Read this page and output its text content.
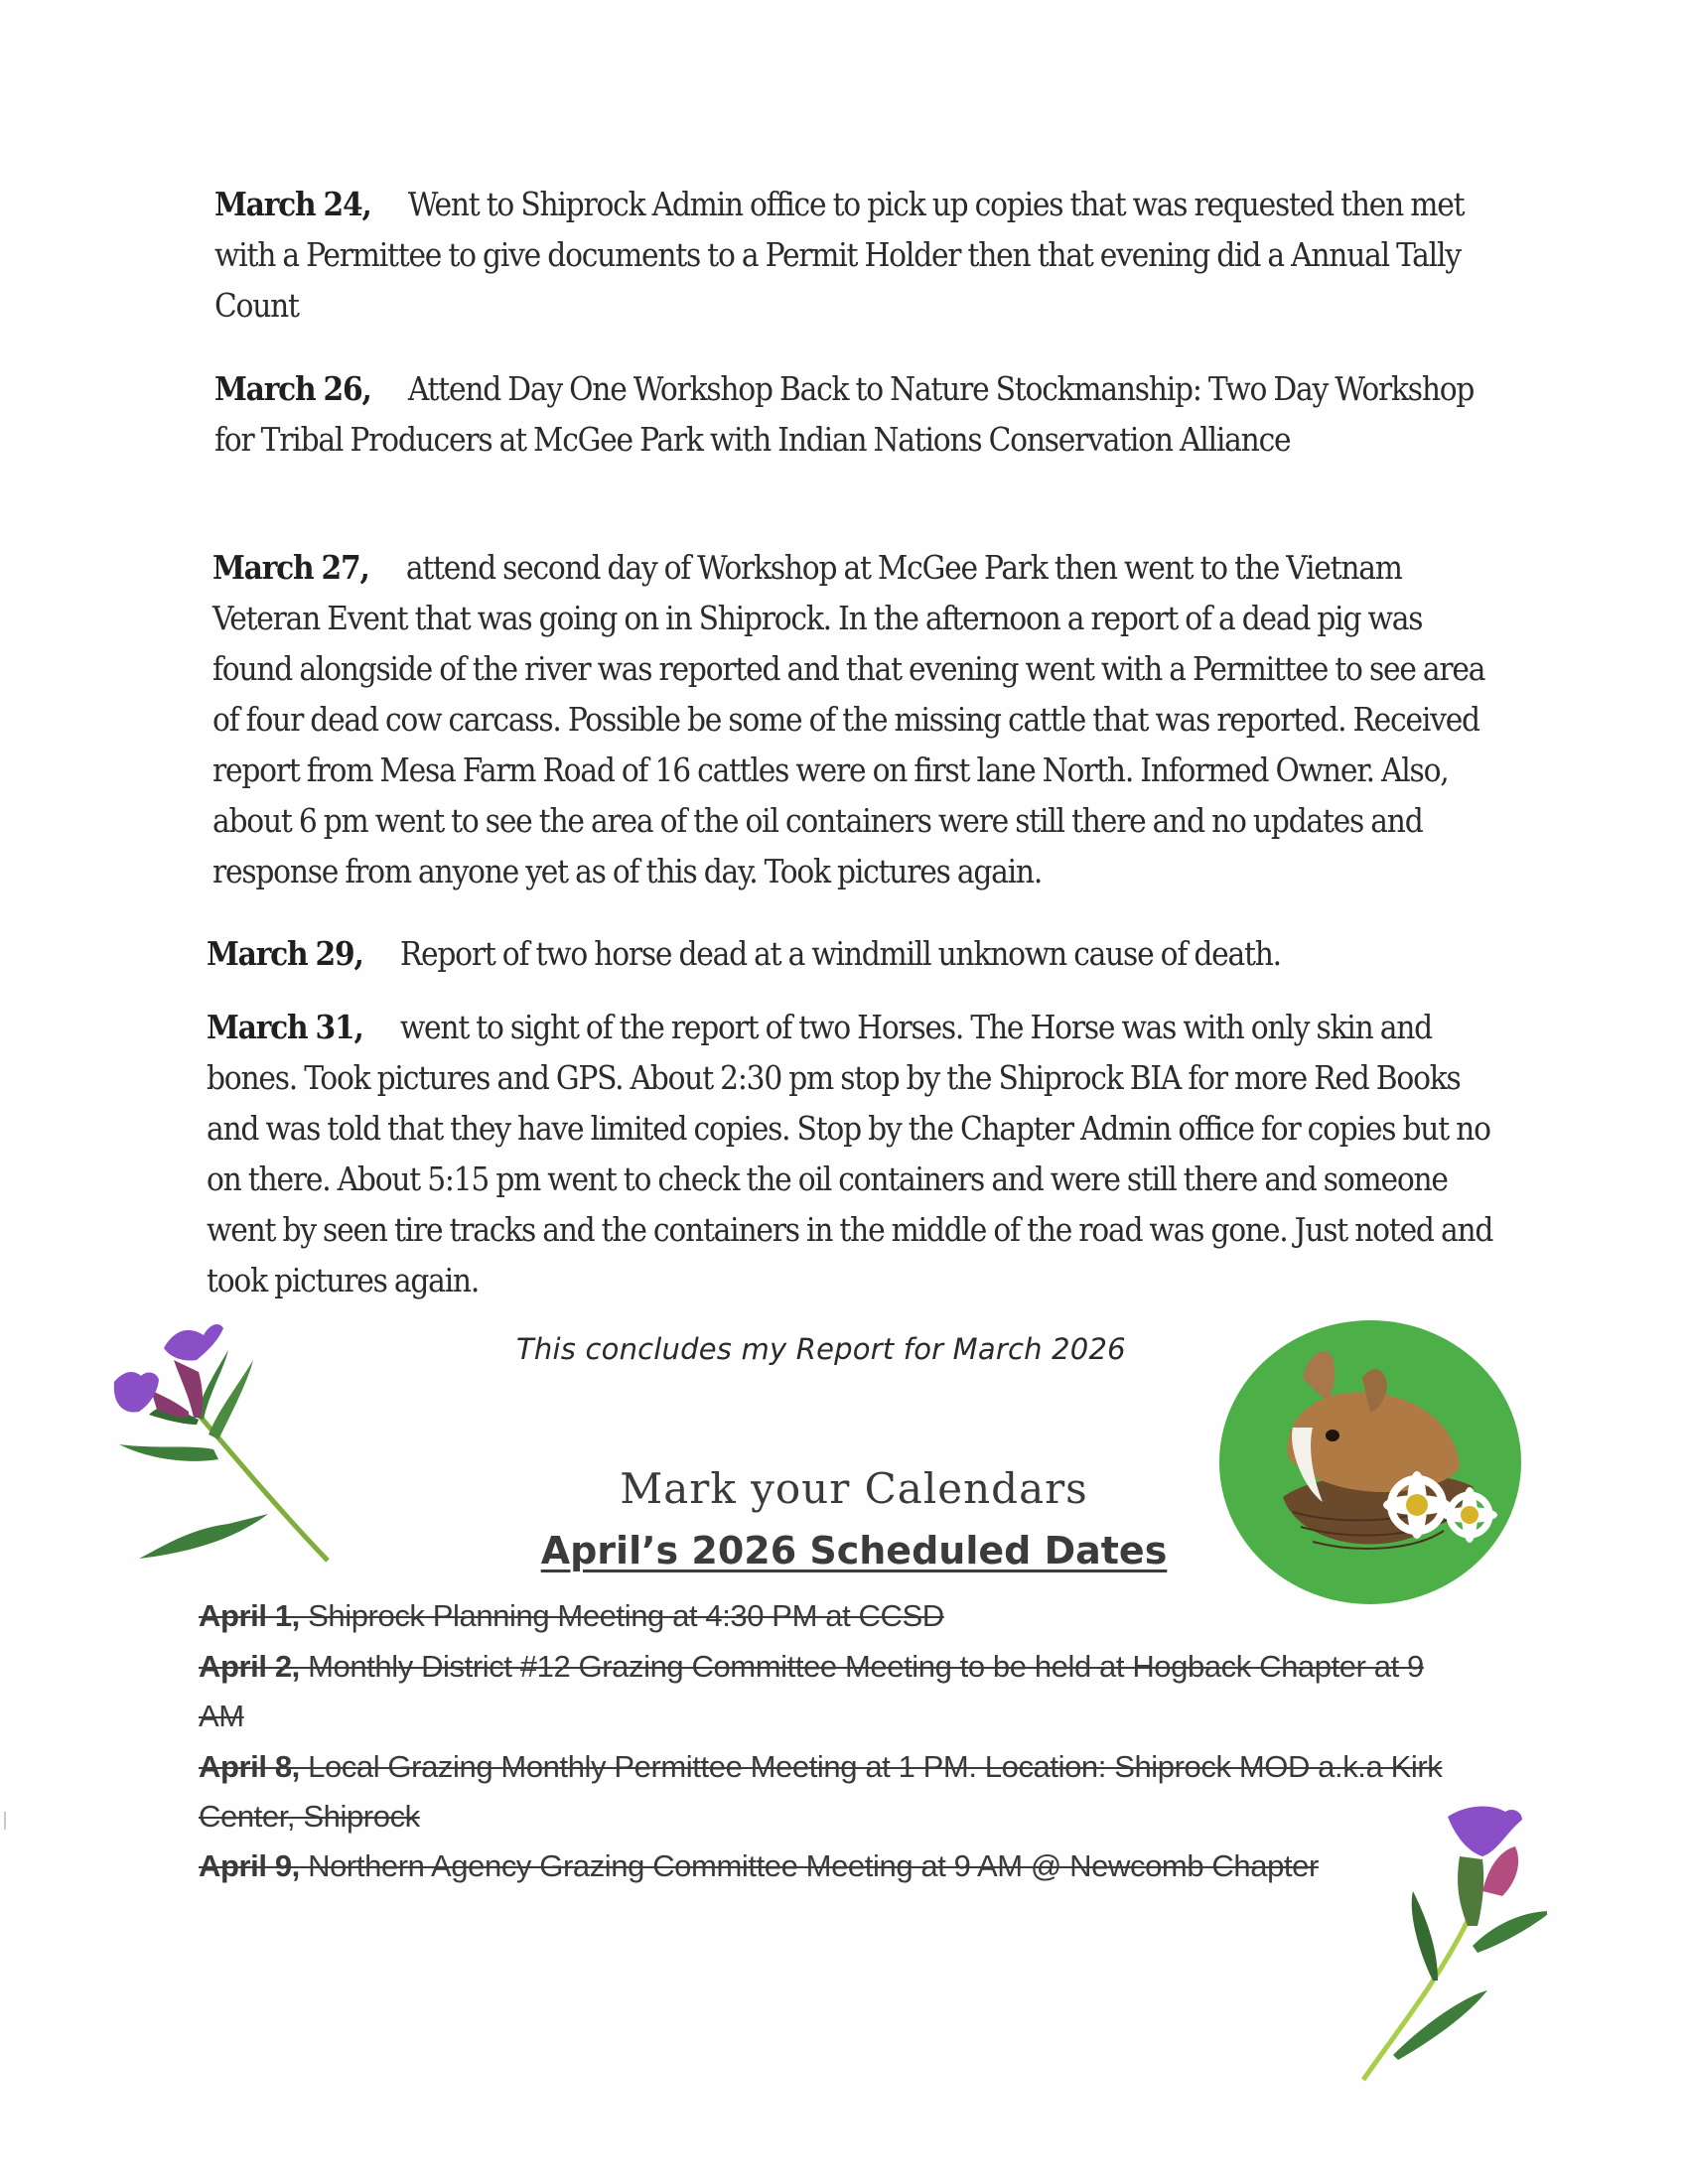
March 24, Went to Shiprock Admin office to pick up copies that was requested then met with a Permittee to give documents to a Permit Holder then that evening did a Annual Tally Count
March 26, Attend Day One Workshop Back to Nature Stockmanship: Two Day Workshop for Tribal Producers at McGee Park with Indian Nations Conservation Alliance
March 27, attend second day of Workshop at McGee Park then went to the Vietnam Veteran Event that was going on in Shiprock. In the afternoon a report of a dead pig was found alongside of the river was reported and that evening went with a Permittee to see area of four dead cow carcass. Possible be some of the missing cattle that was reported. Received report from Mesa Farm Road of 16 cattles were on first lane North. Informed Owner. Also, about 6 pm went to see the area of the oil containers were still there and no updates and response from anyone yet as of this day. Took pictures again.
March 29, Report of two horse dead at a windmill unknown cause of death.
March 31, went to sight of the report of two Horses. The Horse was with only skin and bones. Took pictures and GPS. About 2:30 pm stop by the Shiprock BIA for more Red Books and was told that they have limited copies. Stop by the Chapter Admin office for copies but no on there. About 5:15 pm went to check the oil containers and were still there and someone went by seen tire tracks and the containers in the middle of the road was gone. Just noted and took pictures again.
This concludes my Report for March 2026
Mark your Calendars
April’s 2026 Scheduled Dates
April 1, Shiprock Planning Meeting at 4:30 PM at CCSD
April 2, Monthly District #12 Grazing Committee Meeting to be held at Hogback Chapter at 9 AM
April 8, Local Grazing Monthly Permittee Meeting at 1 PM. Location: Shiprock MOD a.k.a Kirk Center, Shiprock
April 9, Northern Agency Grazing Committee Meeting at 9 AM @ Newcomb Chapter
